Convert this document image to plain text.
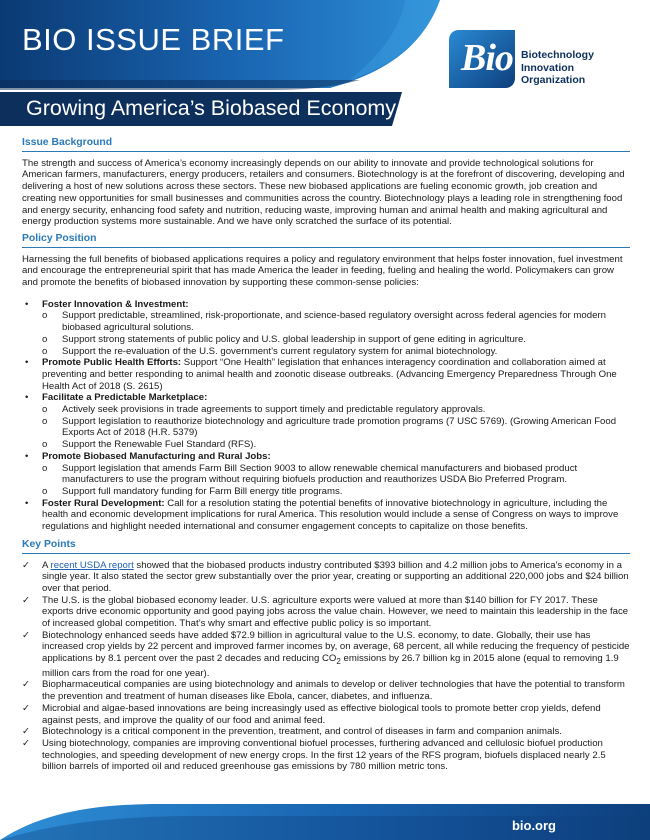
BIO ISSUE BRIEF	Bio Biotechnology
Innovation
Organization
Growing America’s Biobased Economy
Issue Background

The strength and success of America’s economy increasingly depends on our ability to innovate and provide technological solutions for American farmers, manufacturers, energy producers, retailers and consumers. Biotechnology is at the forefront of discovering, developing and delivering a host of new solutions across these sectors. These new biobased applications are fueling economic growth, job creation and creating new opportunities for small businesses and communities across the country. Biotechnology plays a leading role in strengthening food and energy security, enhancing food safety and nutrition, reducing waste, improving human and animal health and making agricultural and energy production systems more sustainable. And we have only scratched the surface of its potential.

Policy Position

Harnessing the full benefits of biobased applications requires a policy and regulatory environment that helps foster innovation, fuel investment and encourage the entrepreneurial spirit that has made America the leader in feeding, fueling and healing the world. Policymakers can grow and promote the benefits of biobased innovation by supporting these common-sense policies:

• Foster Innovation & Investment:
o Support predictable, streamlined, risk-proportionate, and science-based regulatory oversight across federal agencies for modern biobased agricultural solutions.
o Support strong statements of public policy and U.S. global leadership in support of gene editing in agriculture.
o Support the re-evaluation of the U.S. government’s current regulatory system for animal biotechnology.
• Promote Public Health Efforts: Support “One Health” legislation that enhances interagency coordination and collaboration aimed at preventing and better responding to animal health and zoonotic disease outbreaks. (Advancing Emergency Preparedness Through One Health Act of 2018 (S. 2615)
• Facilitate a Predictable Marketplace:
o Actively seek provisions in trade agreements to support timely and predictable regulatory approvals.
o Support legislation to reauthorize biotechnology and agriculture trade promotion programs (7 USC 5769). (Growing American Food Exports Act of 2018 (H.R. 5379)
o Support the Renewable Fuel Standard (RFS).
• Promote Biobased Manufacturing and Rural Jobs:
o Support legislation that amends Farm Bill Section 9003 to allow renewable chemical manufacturers and biobased product manufacturers to use the program without requiring biofuels production and reauthorizes USDA Bio Preferred Program.
o Support full mandatory funding for Farm Bill energy title programs.
• Foster Rural Development: Call for a resolution stating the potential benefits of innovative biotechnology in agriculture, including the health and economic development implications for rural America. This resolution would include a sense of Congress on ways to improve regulations and highlight needed international and consumer engagement concepts to capitalize on those benefits.
Key Points
✓ A recent USDA report showed that the biobased products industry contributed $393 billion and 4.2 million jobs to America's economy in a single year. It also stated the sector grew substantially over the prior year, creating or supporting an additional 220,000 jobs and $24 billion over that period.
✓ The U.S. is the global biobased economy leader. U.S. agriculture exports were valued at more than $140 billion for FY 2017. These exports drive economic opportunity and good paying jobs across the value chain. However, we need to maintain this leadership in the face of increased global competition. That’s why smart and effective public policy is so important.
✓ Biotechnology enhanced seeds have added $72.9 billion in agricultural value to the U.S. economy, to date. Globally, their use has increased crop yields by 22 percent and improved farmer incomes by, on average, 68 percent, all while reducing the frequency of pesticide applications by 8.1 percent over the past 2 decades and reducing $CO_2$ emissions by 26.7 billion kg in 2015 alone (equal to removing 1.9 million cars from the road for one year).
✓ Biopharmaceutical companies are using biotechnology and animals to develop or deliver technologies that have the potential to transform the prevention and treatment of human diseases like Ebola, cancer, diabetes, and influenza.
✓ Microbial and algae-based innovations are being increasingly used as effective biological tools to promote better crop yields, defend against pests, and improve the quality of our food and animal feed.
✓ Biotechnology is a critical component in the prevention, treatment, and control of diseases in farm and companion animals.
✓ Using biotechnology, companies are improving conventional biofuel processes, furthering advanced and cellulosic biofuel production technologies, and speeding development of new energy crops. In the first 12 years of the RFS program, biofuels displaced nearly 2.5 billion barrels of imported oil and reduced greenhouse gas emissions by 780 million metric tons.
bio.org
